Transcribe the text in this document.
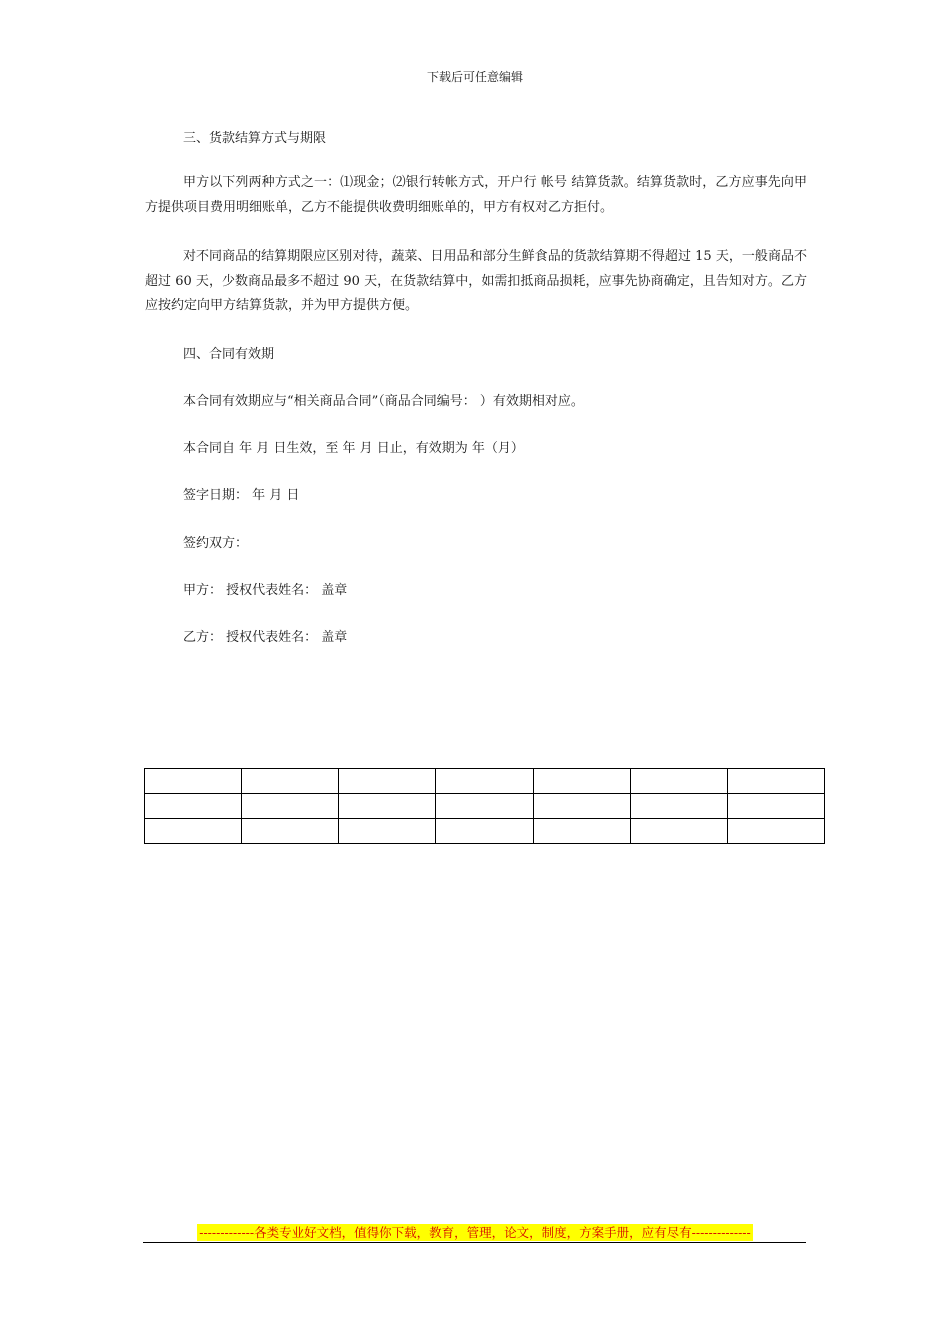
下载后可任意编辑
三、货款结算方式与期限

甲方以下列两种方式之一：⑴现金；⑵银行转帐方式，开户行 帐号 结算货款。结算货款时，乙方应事先向甲方提供项目费用明细账单，乙方不能提供收费明细账单的，甲方有权对乙方拒付。

对不同商品的结算期限应区别对待，蔬菜、日用品和部分生鲜食品的货款结算期不得超过 15 天，一般商品不超过 60 天，少数商品最多不超过 90 天，在货款结算中，如需扣抵商品损耗，应事先协商确定，且告知对方。乙方应按约定向甲方结算货款，并为甲方提供方便。

四、合同有效期
本合同有效期应与“相关商品合同”（商品合同编号： ）有效期相对应。
本合同自 年 月 日生效，至 年 月 日止，有效期为 年（月）
签字日期： 年 月 日
签约双方：
甲方： 授权代表姓名： 盖章
乙方： 授权代表姓名： 盖章

-------------各类专业好文档，值得你下载，教育，管理，论文，制度，方案手册，应有尽有--------------
